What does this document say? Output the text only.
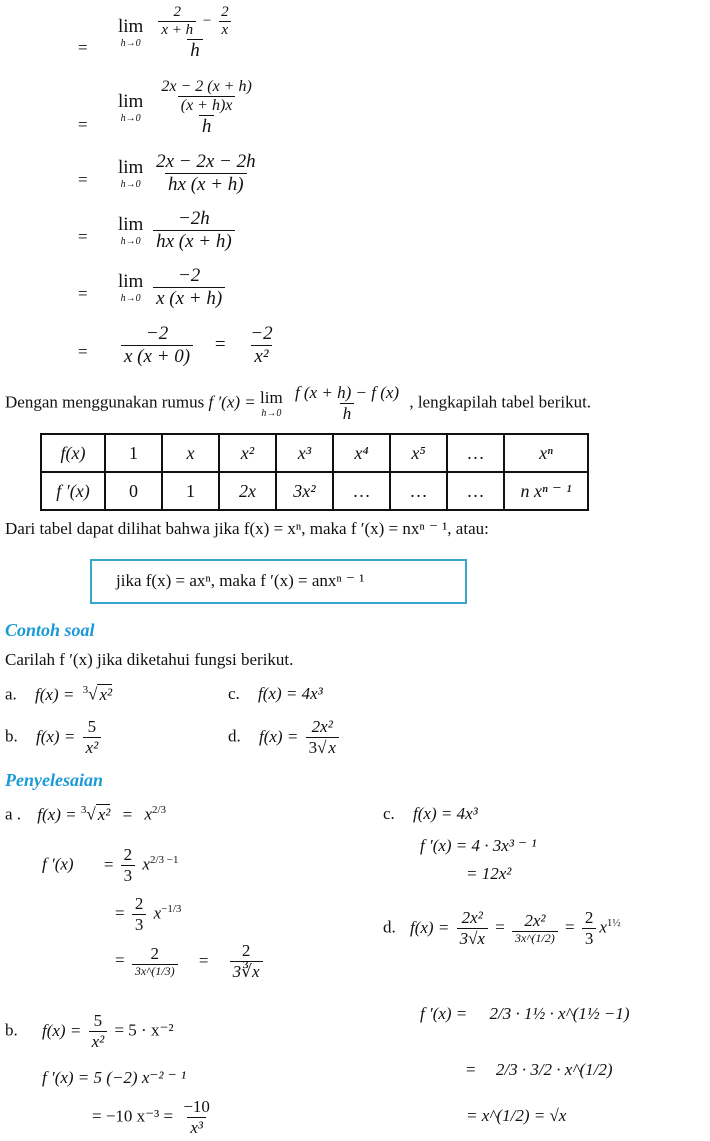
=
lim
h→0
$\frac{\frac{2}{x + h} - \frac{2}{x}}{h}$
=
lim
h→0
$\frac{\frac{2x - 2 (x + h)}{(x + h)x}}{h}$
=
lim
h→0
$\frac{2x - 2x - 2h}{hx (x + h)}$
=
lim
h→0
$\frac{-2h}{hx (x + h)}$
=
lim
h→0
$\frac{-2}{x (x + h)}$
= $\frac{-2}{x (x + 0)} = \frac{-2}{\text{x²}}$
Dengan menggunakan rumus f ′(x) = lim
h→0
$\frac{f (x + h) - f (x)}{h}$ , lengkapilah tabel berikut.
f(x)	1	x	x²	x³	x⁴	x⁵	…	xⁿ
f ′(x)	0	1	2x	3x²	…	…	…	n xⁿ ⁻ ¹
Dari tabel dapat dilihat bahwa jika f(x) = xⁿ, maka f ′(x) = nxⁿ ⁻ ¹, atau:
jika f(x) = axⁿ, maka f ′(x) = anxⁿ ⁻ ¹
Contoh soal
Carilah f ′(x) jika diketahui fungsi berikut.
a. f(x) = $^3$√ x²	c. f(x) = 4x³
b. $f(x) = \frac{5}{\text{x²}}$	d. $f(x) = \frac{\text{2x²}}{3√ x}$
Penyelesaian
a . f(x) = $^3$√ $x^2 = x^{2/3}$
f $'(x) = \frac{2}{3} x^{2/3 -1}$
= $\frac{2}{3} x^{-1/3}$
= $\frac{2}{3x\^{}(1/3)} = \frac{2}{3∛x}$
b. $f(x) = \frac{5}{\text{x²}} = 5 \cdot x^{-2}$
f ′(x) = 5 (−2) x⁻² ⁻ ¹
= −10 $x^{-3} = \frac{-10}{\text{x³}}$
c. f(x) = 4x³
f ′(x) = 4 · 3x³ ⁻ ¹
= 12x²
d. $f(x) = \frac{\text{2x²}}{3√x} = \frac{\text{2x²}}{3x\^{}(1/2)} = \frac{2}{3} x^{1\frac{1}{2}}$
f ′(x) = 2/3 · 1½ · x^(1½ −1)
= 2/3 · 3/2 · x^(1/2)
= x^(1/2) = √x
